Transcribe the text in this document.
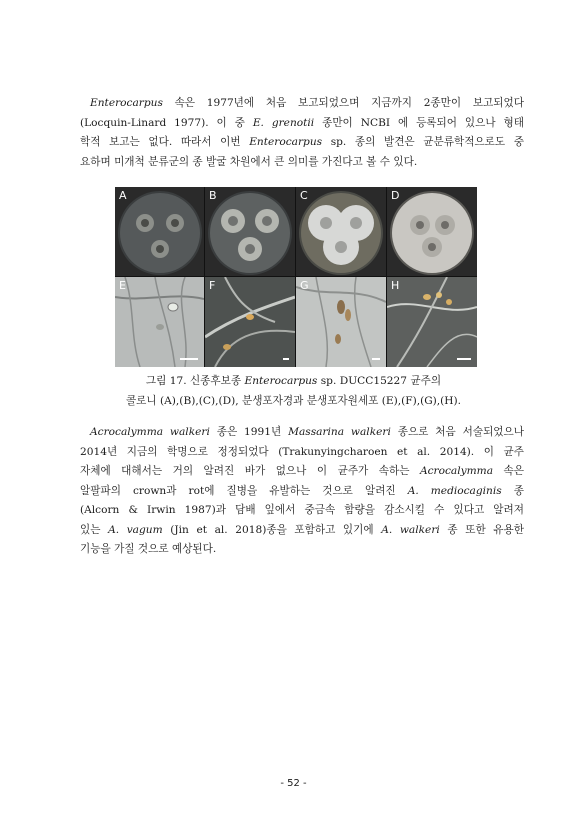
Enterocarpus 속은 1977년에 처음 보고되었으며 지금까지 2종만이 보고되었다
(Locquin-Linard 1977). 이 중 E. grenotii 종만이 NCBI 에 등록되어 있으나 형태
학적 보고는 없다. 따라서 이번 Enterocarpus sp. 종의 발견은 균분류학적으로도 중
요하며 미개척 분류군의 종 발굴 차원에서 큰 의미를 가진다고 볼 수 있다.
A	B	C	D
E	F	G	H
그림 17. 신종후보종 Enterocarpus sp. DUCC15227 균주의
콜로니 (A),(B),(C),(D), 분생포자경과 분생포자원세포 (E),(F),(G),(H).
Acrocalymma walkeri 종은 1991년 Massarina walkeri 종으로 처음 서술되었으나
2014년 지금의 학명으로 정정되었다 (Trakunyingcharoen et al. 2014). 이 균주
자체에 대해서는 거의 알려진 바가 없으나 이 균주가 속하는 Acrocalymma 속은
알팔파의 crown과 rot에 질병을 유발하는 것으로 알려진 A. mediocaginis 종
(Alcorn & Irwin 1987)과 담배 잎에서 중금속 함량을 감소시킬 수 있다고 알려져
있는 A. vagum (Jin et al. 2018)종을 포함하고 있기에 A. walkeri 종 또한 유용한
기능을 가질 것으로 예상된다.
- 52 -
